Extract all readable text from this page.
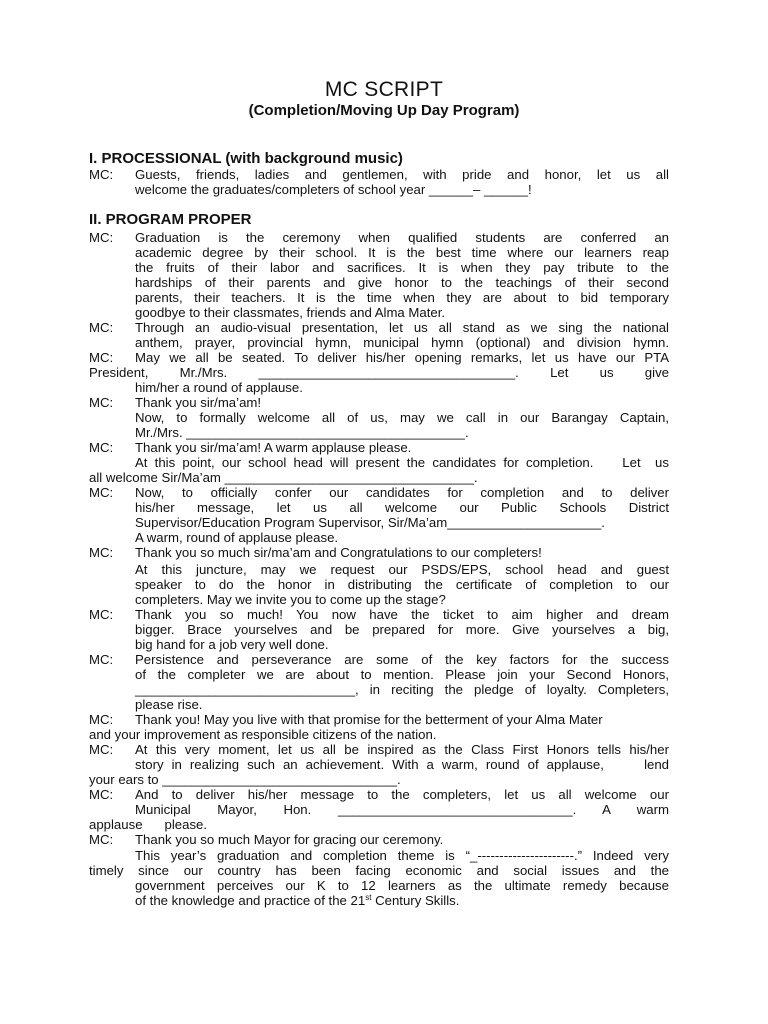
MC SCRIPT
(Completion/Moving Up Day Program)
I. PROCESSIONAL (with background music)
MC: Guests, friends, ladies and gentlemen, with pride and honor, let us all
welcome the graduates/completers of school year ______– ______!
II. PROGRAM PROPER
MC: Graduation is the ceremony when qualified students are conferred an
academic degree by their school. It is the best time where our learners reap
the fruits of their labor and sacrifices. It is when they pay tribute to the
hardships of their parents and give honor to the teachings of their second
parents, their teachers. It is the time when they are about to bid temporary
goodbye to their classmates, friends and Alma Mater.
MC: Through an audio-visual presentation, let us all stand as we sing the national
anthem, prayer, provincial hymn, municipal hymn (optional) and division hymn.
MC: May we all be seated. To deliver his/her opening remarks, let us have our PTA
President,   Mr./Mrs.   ___________________________________.   Let   us   give
him/her a round of applause.
MC: Thank you sir/ma’am!
Now, to formally welcome all of us, may we call in our Barangay Captain,
Mr./Mrs. ______________________________________.
MC: Thank you sir/ma’am! A warm applause please.
At this point, our school head will present the candidates for completion.    Let  us
all welcome Sir/Ma’am __________________________________.
MC: Now, to officially confer our candidates for completion and to deliver
his/her message, let us all welcome our Public Schools District
Supervisor/Education Program Supervisor, Sir/Ma’am_____________________.
A warm, round of applause please.
MC: Thank you so much sir/ma’am and Congratulations to our completers!
At this juncture, may we request our PSDS/EPS, school head and guest
speaker to do the honor in distributing the certificate of completion to our
completers. May we invite you to come up the stage?
MC: Thank you so much! You now have the ticket to aim higher and dream
bigger. Brace yourselves and be prepared for more. Give yourselves a big,
big hand for a job very well done.
MC: Persistence and perseverance are some of the key factors for the success
of the completer we are about to mention. Please join your Second Honors,
______________________________, in reciting the pledge of loyalty. Completers,
please rise.
MC: Thank you! May you live with that promise for the betterment of your Alma Mater
and your improvement as responsible citizens of the nation.
MC: At this very moment, let us all be inspired as the Class First Honors tells his/her
story in realizing such an achievement. With a warm, round of applause,     lend
your ears to ________________________________.
MC: And to deliver his/her message to the completers, let us all welcome our
Municipal   Mayor,   Hon.   ________________________________.   A   warm
applause      please.
MC: Thank you so much Mayor for gracing our ceremony.
This year’s graduation and completion theme is “_----------------------.” Indeed very
timely since our country has been facing economic and social issues and the
government perceives our K to 12 learners as the ultimate remedy because
of the knowledge and practice of the 21st Century Skills.
